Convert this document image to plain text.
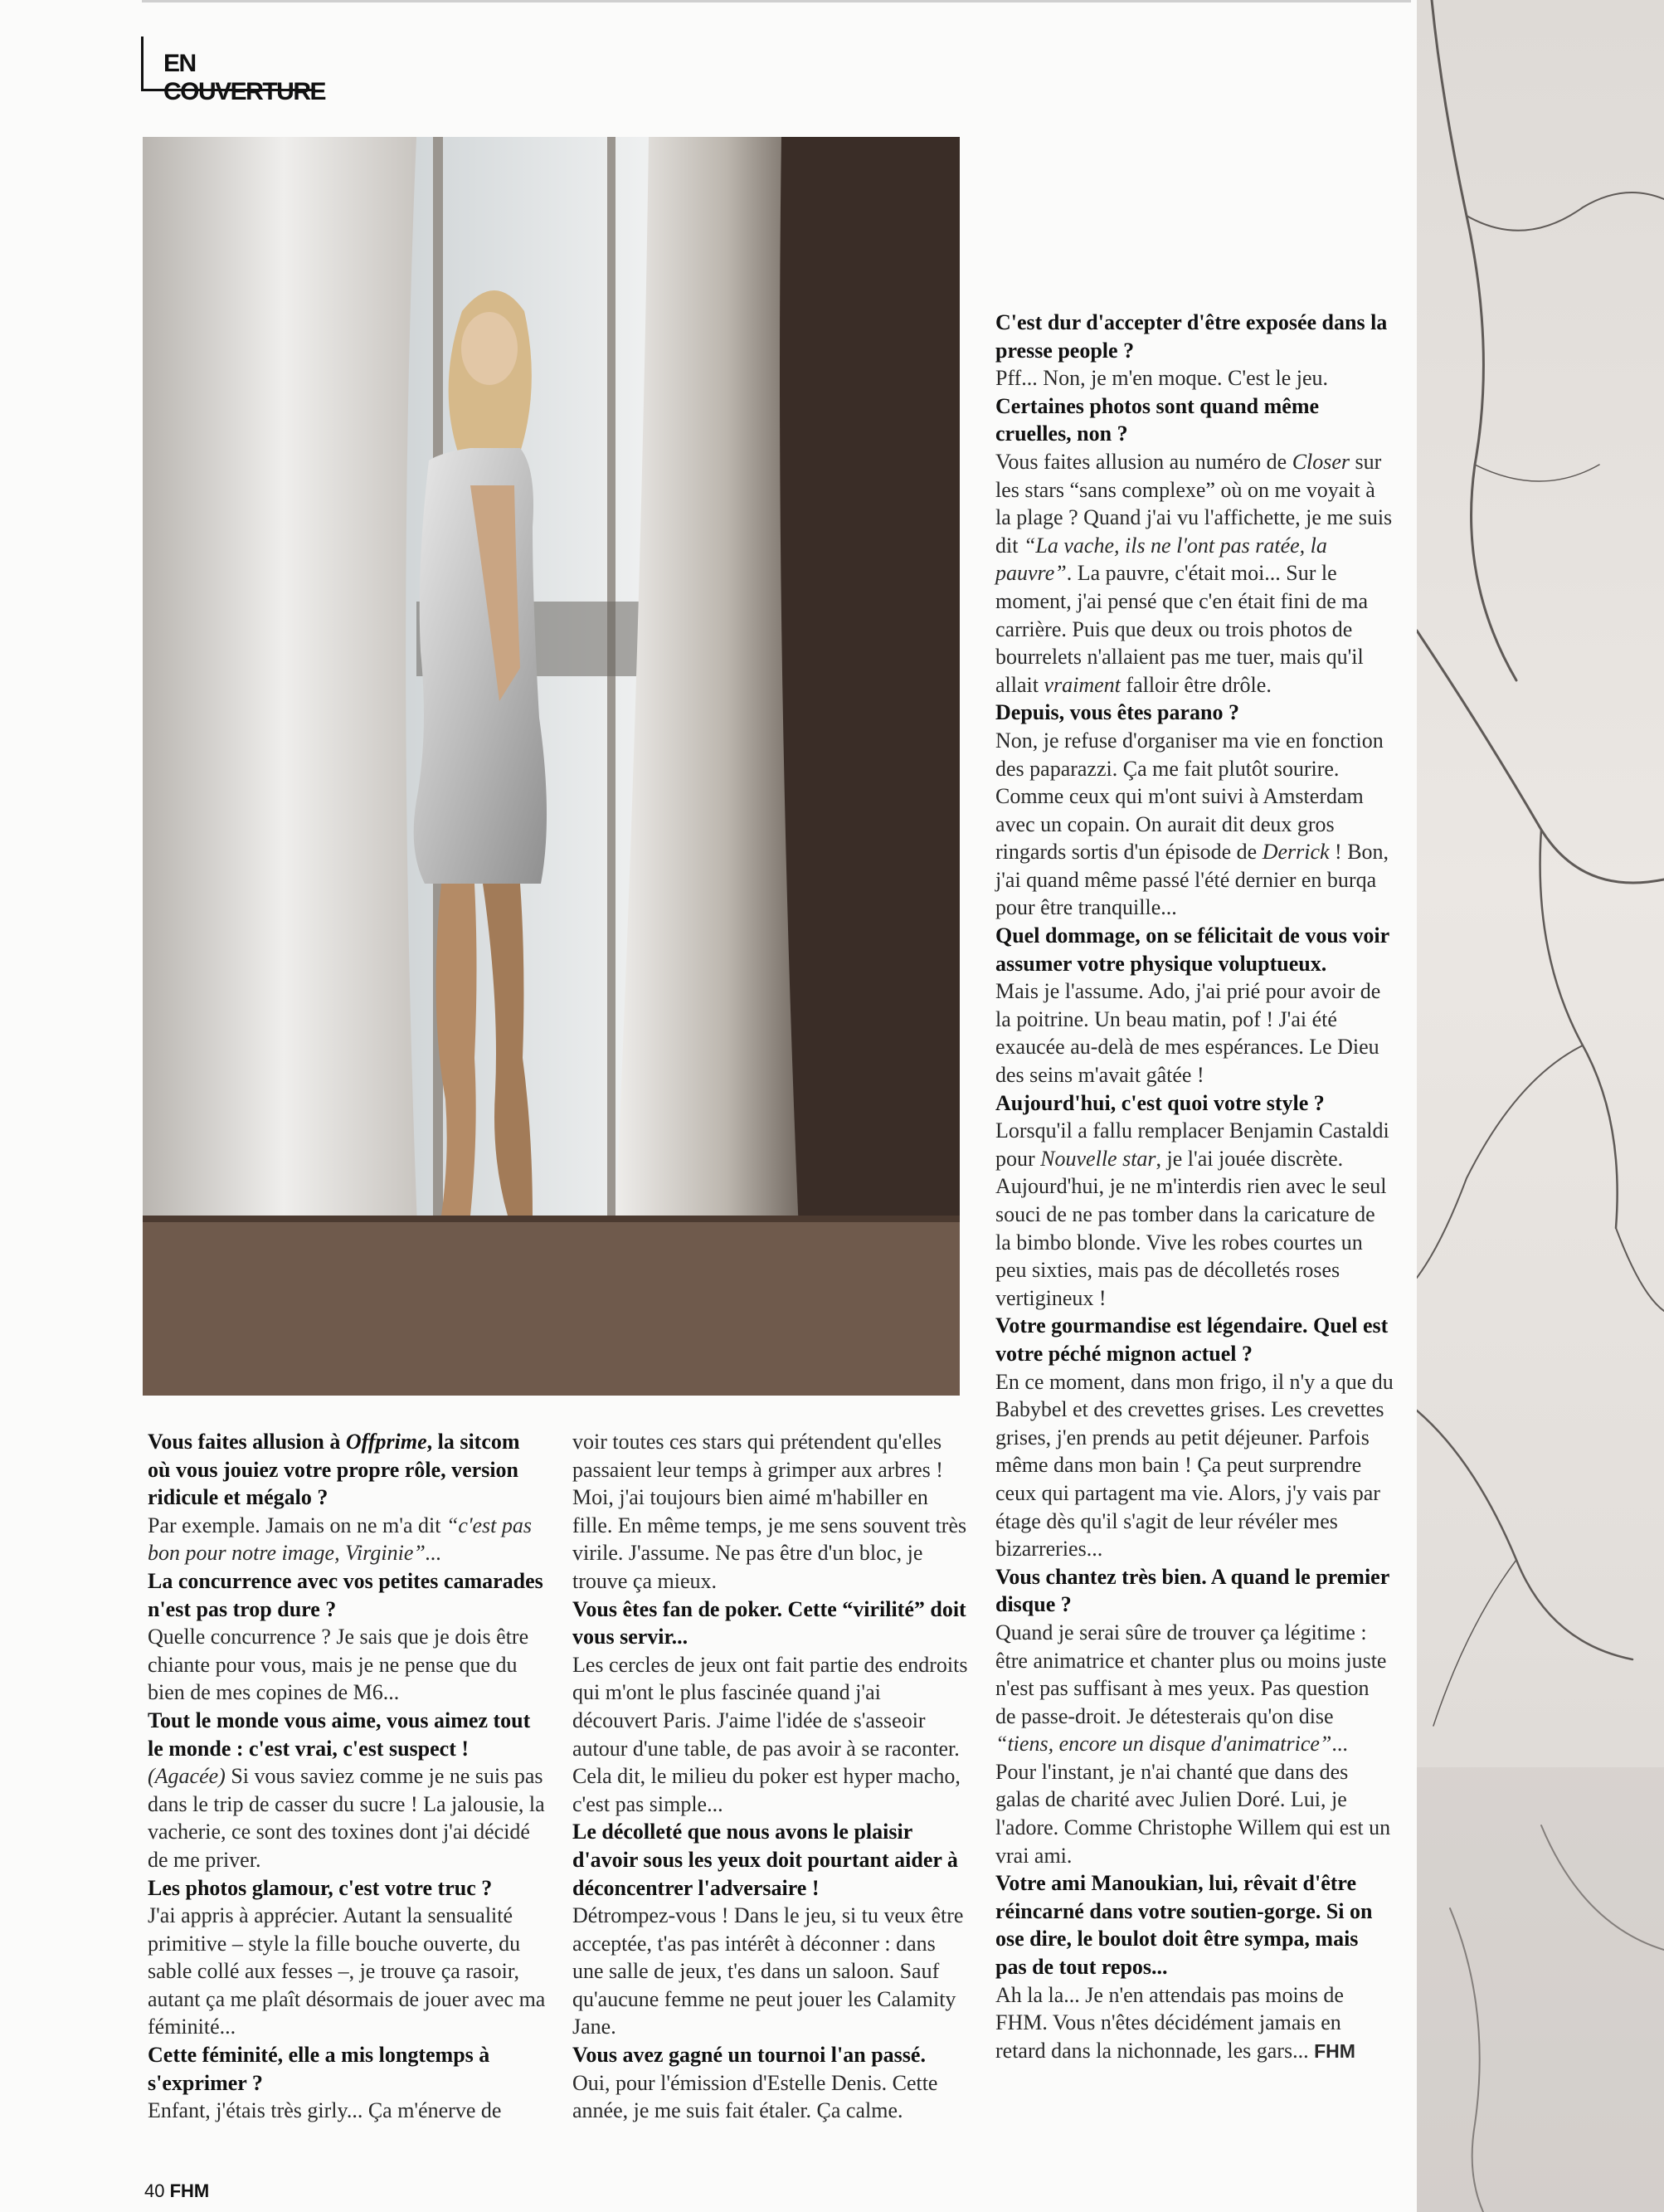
EN COUVERTURE

Vous faites allusion à Offprime, la sitcom où vous jouiez votre propre rôle, version ridicule et mégalo ?

Par exemple. Jamais on ne m'a dit “c'est pas bon pour notre image, Virginie”...

La concurrence avec vos petites camarades n'est pas trop dure ?

Quelle concurrence ? Je sais que je dois être chiante pour vous, mais je ne pense que du bien de mes copines de M6...

Tout le monde vous aime, vous aimez tout le monde : c'est vrai, c'est suspect !

(Agacée) Si vous saviez comme je ne suis pas dans le trip de casser du sucre ! La jalousie, la vacherie, ce sont des toxines dont j'ai décidé de me priver.

Les photos glamour, c'est votre truc ?

J'ai appris à apprécier. Autant la sensualité primitive – style la fille bouche ouverte, du sable collé aux fesses –, je trouve ça rasoir, autant ça me plaît désormais de jouer avec ma féminité...

Cette féminité, elle a mis longtemps à s'exprimer ?

Enfant, j'étais très girly... Ça m'énerve de

voir toutes ces stars qui prétendent qu'elles passaient leur temps à grimper aux arbres ! Moi, j'ai toujours bien aimé m'habiller en fille. En même temps, je me sens souvent très virile. J'assume. Ne pas être d'un bloc, je trouve ça mieux.

Vous êtes fan de poker. Cette “virilité” doit vous servir...

Les cercles de jeux ont fait partie des endroits qui m'ont le plus fascinée quand j'ai découvert Paris. J'aime l'idée de s'asseoir autour d'une table, de pas avoir à se raconter. Cela dit, le milieu du poker est hyper macho, c'est pas simple...

Le décolleté que nous avons le plaisir d'avoir sous les yeux doit pourtant aider à déconcentrer l'adversaire !

Détrompez-vous ! Dans le jeu, si tu veux être acceptée, t'as pas intérêt à déconner : dans une salle de jeux, t'es dans un saloon. Sauf qu'aucune femme ne peut jouer les Calamity Jane.

Vous avez gagné un tournoi l'an passé.

Oui, pour l'émission d'Estelle Denis. Cette année, je me suis fait étaler. Ça calme.

C'est dur d'accepter d'être exposée dans la presse people ?

Pff... Non, je m'en moque. C'est le jeu.

Certaines photos sont quand même cruelles, non ?

Vous faites allusion au numéro de Closer sur les stars “sans complexe” où on me voyait à la plage ? Quand j'ai vu l'affichette, je me suis dit “La vache, ils ne l'ont pas ratée, la pauvre”. La pauvre, c'était moi... Sur le moment, j'ai pensé que c'en était fini de ma carrière. Puis que deux ou trois photos de bourrelets n'allaient pas me tuer, mais qu'il allait vraiment falloir être drôle.

Depuis, vous êtes parano ?

Non, je refuse d'organiser ma vie en fonction des paparazzi. Ça me fait plutôt sourire. Comme ceux qui m'ont suivi à Amsterdam avec un copain. On aurait dit deux gros ringards sortis d'un épisode de Derrick ! Bon, j'ai quand même passé l'été dernier en burqa pour être tranquille...

Quel dommage, on se félicitait de vous voir assumer votre physique voluptueux.

Mais je l'assume. Ado, j'ai prié pour avoir de la poitrine. Un beau matin, pof ! J'ai été exaucée au-delà de mes espérances. Le Dieu des seins m'avait gâtée !

Aujourd'hui, c'est quoi votre style ?

Lorsqu'il a fallu remplacer Benjamin Castaldi pour Nouvelle star, je l'ai jouée discrète. Aujourd'hui, je ne m'interdis rien avec le seul souci de ne pas tomber dans la caricature de la bimbo blonde. Vive les robes courtes un peu sixties, mais pas de décolletés roses vertigineux !

Votre gourmandise est légendaire. Quel est votre péché mignon actuel ?

En ce moment, dans mon frigo, il n'y a que du Babybel et des crevettes grises. Les crevettes grises, j'en prends au petit déjeuner. Parfois même dans mon bain ! Ça peut surprendre ceux qui partagent ma vie. Alors, j'y vais par étage dès qu'il s'agit de leur révéler mes bizarreries...

Vous chantez très bien. A quand le premier disque ?

Quand je serai sûre de trouver ça légitime : être animatrice et chanter plus ou moins juste n'est pas suffisant à mes yeux. Pas question de passe-droit. Je détesterais qu'on dise “tiens, encore un disque d'animatrice”... Pour l'instant, je n'ai chanté que dans des galas de charité avec Julien Doré. Lui, je l'adore. Comme Christophe Willem qui est un vrai ami.

Votre ami Manoukian, lui, rêvait d'être réincarné dans votre soutien-gorge. Si on ose dire, le boulot doit être sympa, mais pas de tout repos...

Ah la la... Je n'en attendais pas moins de FHM. Vous n'êtes décidément jamais en retard dans la nichonnade, les gars... FHM

40 FHM
